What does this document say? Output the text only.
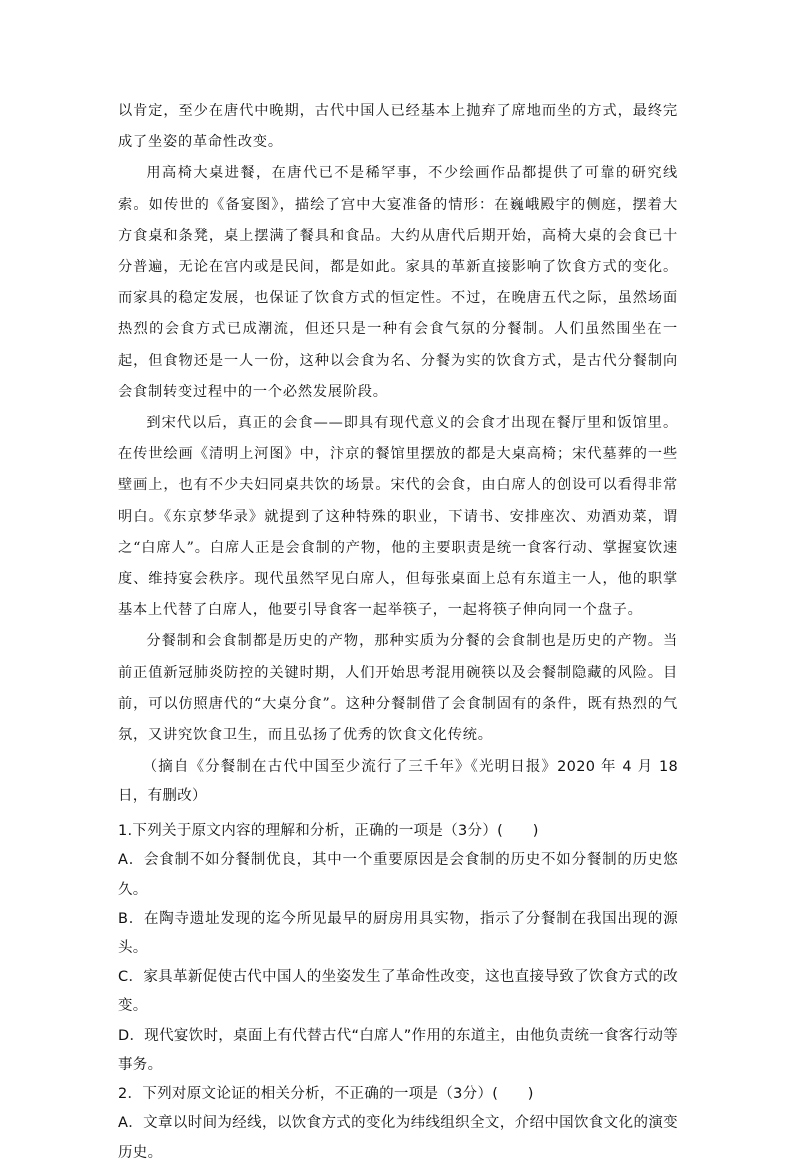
以肯定，至少在唐代中晚期，古代中国人已经基本上抛弃了席地而坐的方式，最终完成了坐姿的革命性改变。

用高椅大桌进餐，在唐代已不是稀罕事，不少绘画作品都提供了可靠的研究线索。如传世的《备宴图》，描绘了宫中大宴准备的情形：在巍峨殿宇的侧庭，摆着大方食桌和条凳，桌上摆满了餐具和食品。大约从唐代后期开始，高椅大桌的会食已十分普遍，无论在宫内或是民间，都是如此。家具的革新直接影响了饮食方式的变化。而家具的稳定发展，也保证了饮食方式的恒定性。不过，在晚唐五代之际，虽然场面热烈的会食方式已成潮流，但还只是一种有会食气氛的分餐制。人们虽然围坐在一起，但食物还是一人一份，这种以会食为名、分餐为实的饮食方式，是古代分餐制向会食制转变过程中的一个必然发展阶段。

到宋代以后，真正的会食——即具有现代意义的会食才出现在餐厅里和饭馆里。在传世绘画《清明上河图》中，汴京的餐馆里摆放的都是大桌高椅；宋代墓葬的一些壁画上，也有不少夫妇同桌共饮的场景。宋代的会食，由白席人的创设可以看得非常明白。《东京梦华录》就提到了这种特殊的职业，下请书、安排座次、劝酒劝菜，谓之“白席人”。白席人正是会食制的产物，他的主要职责是统一食客行动、掌握宴饮速度、维持宴会秩序。现代虽然罕见白席人，但每张桌面上总有东道主一人，他的职掌基本上代替了白席人，他要引导食客一起举筷子，一起将筷子伸向同一个盘子。

分餐制和会食制都是历史的产物，那种实质为分餐的会食制也是历史的产物。当前正值新冠肺炎防控的关键时期，人们开始思考混用碗筷以及会餐制隐藏的风险。目前，可以仿照唐代的“大桌分食”。这种分餐制借了会食制固有的条件，既有热烈的气氛，又讲究饮食卫生，而且弘扬了优秀的饮食文化传统。

（摘自《分餐制在古代中国至少流行了三千年》《光明日报》2020 年 4 月 18 日，有删改）

1.下列关于原文内容的理解和分析，正确的一项是（3分）(　　)

A．会食制不如分餐制优良，其中一个重要原因是会食制的历史不如分餐制的历史悠久。

B．在陶寺遗址发现的迄今所见最早的厨房用具实物，指示了分餐制在我国出现的源头。

C．家具革新促使古代中国人的坐姿发生了革命性改变，这也直接导致了饮食方式的改变。

D．现代宴饮时，桌面上有代替古代“白席人”作用的东道主，由他负责统一食客行动等事务。

2．下列对原文论证的相关分析，不正确的一项是（3分）(　　)

A．文章以时间为经线，以饮食方式的变化为纬线组织全文，介绍中国饮食文化的演变历史。
